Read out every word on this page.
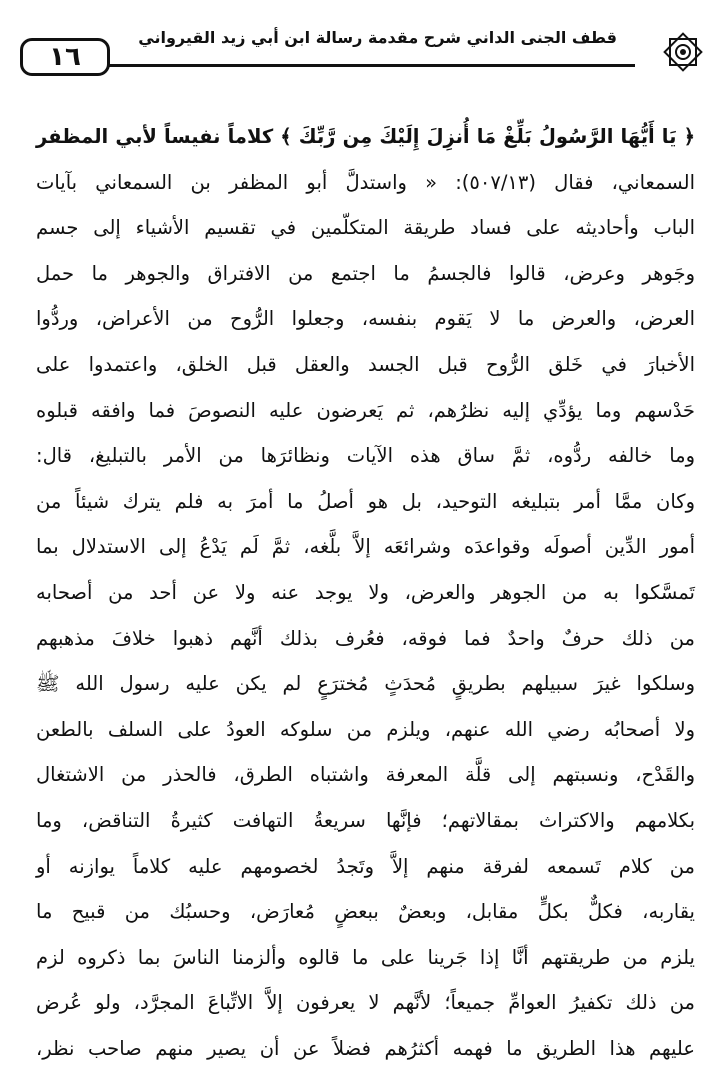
١٦
قطف الجنى الداني شرح مقدمة رسالة ابن أبي زيد القيرواني
﴿ يَا أَيُّهَا الرَّسُولُ بَلِّغْ مَا أُنزِلَ إِلَيْكَ مِن رَّبِّكَ ﴾ كلاماً نفيساً لأبي المظفر
السمعاني، فقال (٥٠٧/١٣): « واستدلَّ أبو المظفر بن السمعاني بآيات
الباب وأحاديثه على فساد طريقة المتكلّمين في تقسيم الأشياء إلى جسم
وجَوهر وعرض، قالوا فالجسمُ ما اجتمع من الافتراق والجوهر ما حمل
العرض، والعرض ما لا يَقوم بنفسه، وجعلوا الرُّوح من الأعراض، وردُّوا
الأخبارَ في خَلق الرُّوح قبل الجسد والعقل قبل الخلق، واعتمدوا على
حَدْسهم وما يؤدِّي إليه نظرُهم، ثم يَعرضون عليه النصوصَ فما وافقه قبلوه
وما خالفه ردُّوه، ثمَّ ساق هذه الآيات ونظائرَها من الأمر بالتبليغ، قال:
وكان ممَّا أمر بتبليغه التوحيد، بل هو أصلُ ما أمرَ به فلم يترك شيئاً من
أمور الدِّين أصولَه وقواعدَه وشرائعَه إلاَّ بلَّغه، ثمَّ لَم يَدْعُ إلى الاستدلال بما
تَمسَّكوا به من الجوهر والعرض، ولا يوجد عنه ولا عن أحد من أصحابه
من ذلك حرفٌ واحدٌ فما فوقه، فعُرف بذلك أنَّهم ذهبوا خلافَ مذهبهم
وسلكوا غيرَ سبيلهم بطريقٍ مُحدَثٍ مُخترَعٍ لم يكن عليه رسول الله ﷺ
ولا أصحابُه رضي الله عنهم، ويلزم من سلوكه العودُ على السلف بالطعن
والقَدْح، ونسبتهم إلى قلَّة المعرفة واشتباه الطرق، فالحذر من الاشتغال
بكلامهم والاكتراث بمقالاتهم؛ فإنَّها سريعةُ التهافت كثيرةُ التناقض، وما
من كلام تَسمعه لفرقة منهم إلاَّ وتَجدُ لخصومهم عليه كلاماً يوازنه أو
يقاربه، فكلٌّ بكلٍّ مقابل، وبعضٌ ببعضٍ مُعارَض، وحسبُك من قبيح ما
يلزم من طريقتهم أنَّا إذا جَرينا على ما قالوه وألزمنا الناسَ بما ذكروه لزم
من ذلك تكفيرُ العوامِّ جميعاً؛ لأنَّهم لا يعرفون إلاَّ الاتِّباعَ المجرَّد، ولو عُرض
عليهم هذا الطريق ما فهمه أكثرُهم فضلاً عن أن يصير منهم صاحب نظر،
